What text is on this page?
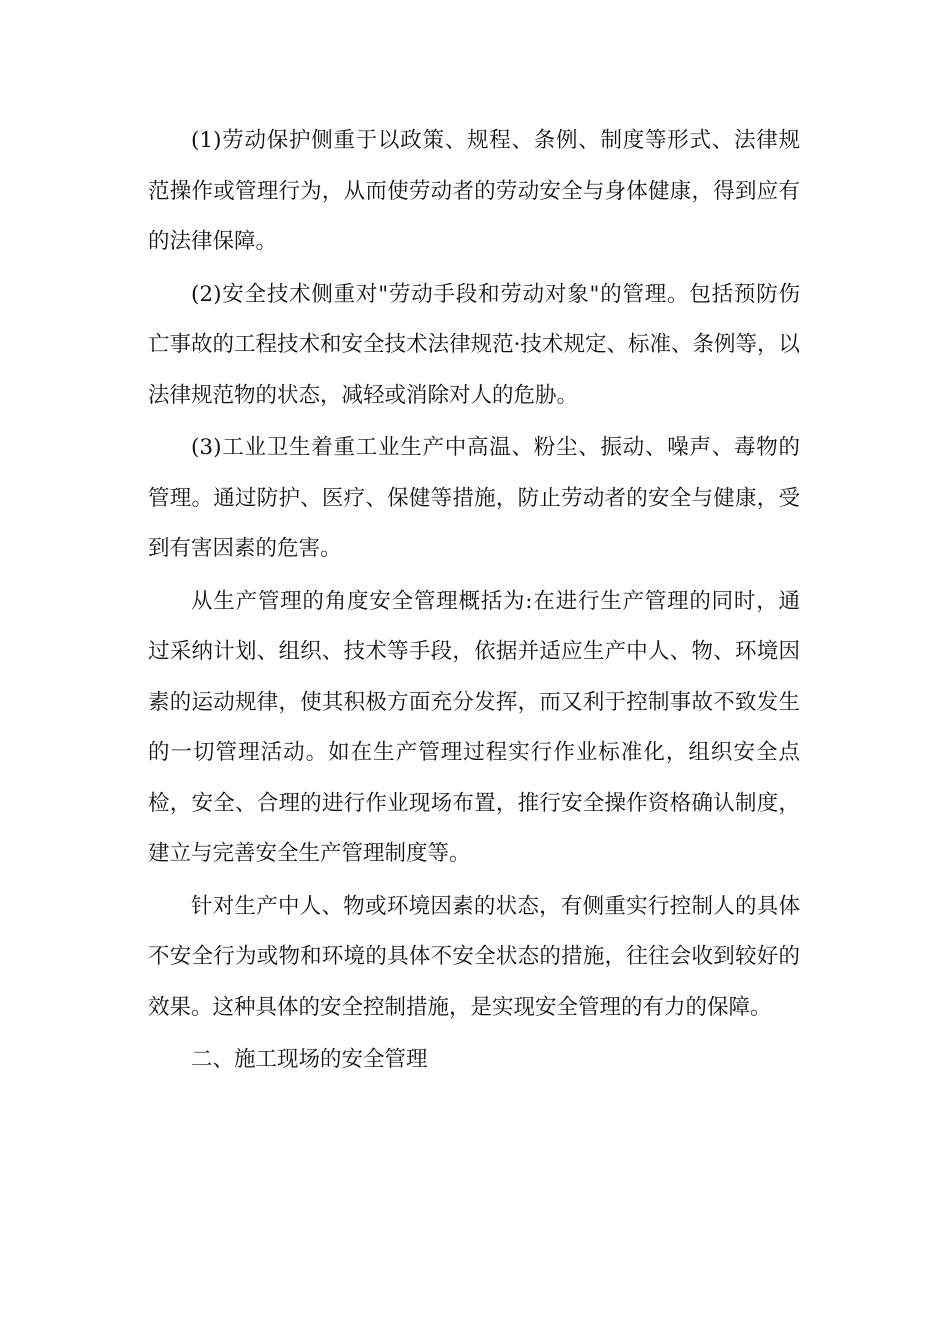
(1)劳动保护侧重于以政策、规程、条例、制度等形式、法律规范操作或管理行为，从而使劳动者的劳动安全与身体健康，得到应有的法律保障。

(2)安全技术侧重对"劳动手段和劳动对象"的管理。包括预防伤亡事故的工程技术和安全技术法律规范·技术规定、标准、条例等，以法律规范物的状态，减轻或消除对人的危胁。

(3)工业卫生着重工业生产中高温、粉尘、振动、噪声、毒物的管理。通过防护、医疗、保健等措施，防止劳动者的安全与健康，受到有害因素的危害。

从生产管理的角度安全管理概括为:在进行生产管理的同时，通过采纳计划、组织、技术等手段，依据并适应生产中人、物、环境因素的运动规律，使其积极方面充分发挥，而又利于控制事故不致发生的一切管理活动。如在生产管理过程实行作业标准化，组织安全点检，安全、合理的进行作业现场布置，推行安全操作资格确认制度，建立与完善安全生产管理制度等。

针对生产中人、物或环境因素的状态，有侧重实行控制人的具体不安全行为或物和环境的具体不安全状态的措施，往往会收到较好的效果。这种具体的安全控制措施，是实现安全管理的有力的保障。

二、施工现场的安全管理
